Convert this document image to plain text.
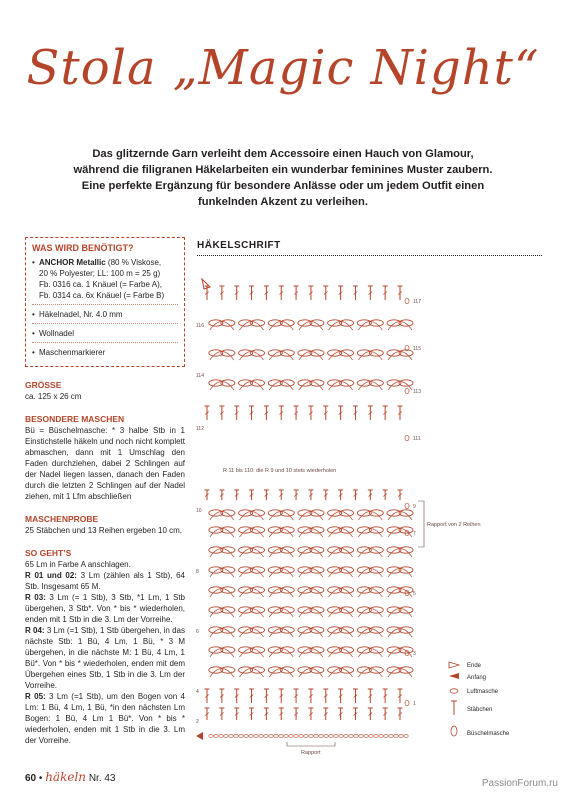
Stola „Magic Night“
Das glitzernde Garn verleiht dem Accessoire einen Hauch von Glamour,
während die filigranen Häkelarbeiten ein wunderbar feminines Muster zaubern.
Eine perfekte Ergänzung für besondere Anlässe oder um jedem Outfit einen
funkelnden Akzent zu verleihen.
WAS WIRD BENÖTIGT?
• ANCHOR Metallic (80 % Viskose,
20 % Polyester; LL: 100 m = 25 g)
Fb. 0316 ca. 1 Knäuel (= Farbe A),
Fb. 0314 ca. 6x Knäuel (= Farbe B)
• Häkelnadel, Nr. 4.0 mm
• Wollnadel
• Maschenmarkierer
GRÖSSE
ca. 125 x 26 cm
BESONDERE MASCHEN
Bü = Büschelmasche: * 3 halbe Stb in 1 Einstichstelle häkeln und noch nicht komplett abmaschen, dann mit 1 Umschlag den Faden durchziehen, dabei 2 Schlingen auf der Nadel liegen lassen, danach den Faden durch die letzten 2 Schlingen auf der Nadel ziehen, mit 1 Lfm abschließen
MASCHENPROBE
25 Stäbchen und 13 Reihen ergeben 10 cm.
SO GEHT’S
65 Lm in Farbe A anschlagen.
R 01 und 02: 3 Lm (zählen als 1 Stb), 64 Stb. Insgesamt 65 M.
R 03: 3 Lm (= 1 Stb), 3 Stb, *1 Lm, 1 Stb übergehen, 3 Stb*. Von * bis * wiederholen, enden mit 1 Stb in die 3. Lm der Vorreihe.
R 04: 3 Lm (=1 Stb), 1 Stb übergehen, in das nächste Stb: 1 Bü, 4 Lm, 1 Bü, * 3 M übergehen, in die nächste M: 1 Bü, 4 Lm, 1 Bü*. Von * bis * wiederholen, enden mit dem Übergehen eines Stb, 1 Stb in die 3. Lm der Vorreihe.
R 05: 3 Lm (=1 Stb), um den Bogen von 4 Lm: 1 Bü, 4 Lm, 1 Bü, *in den nächsten Lm Bogen: 1 Bü, 4 Lm 1 Bü*. Von * bis * wiederholen, enden mit 1 Stb in die 3. Lm der Vorreihe.
HÄKELSCHRIFT
R 11 bis 110: die R 9 und 10 stets wiederholen
117
115
113
111
9
7
5
3
1
116
114
112
10
8
6
4
2
Rapport von 2 Reihen
Rapport
Ende
Anfang
Luftmasche
Stäbchen
Büschelmasche
60 • häkeln Nr. 43	PassionForum.ru
